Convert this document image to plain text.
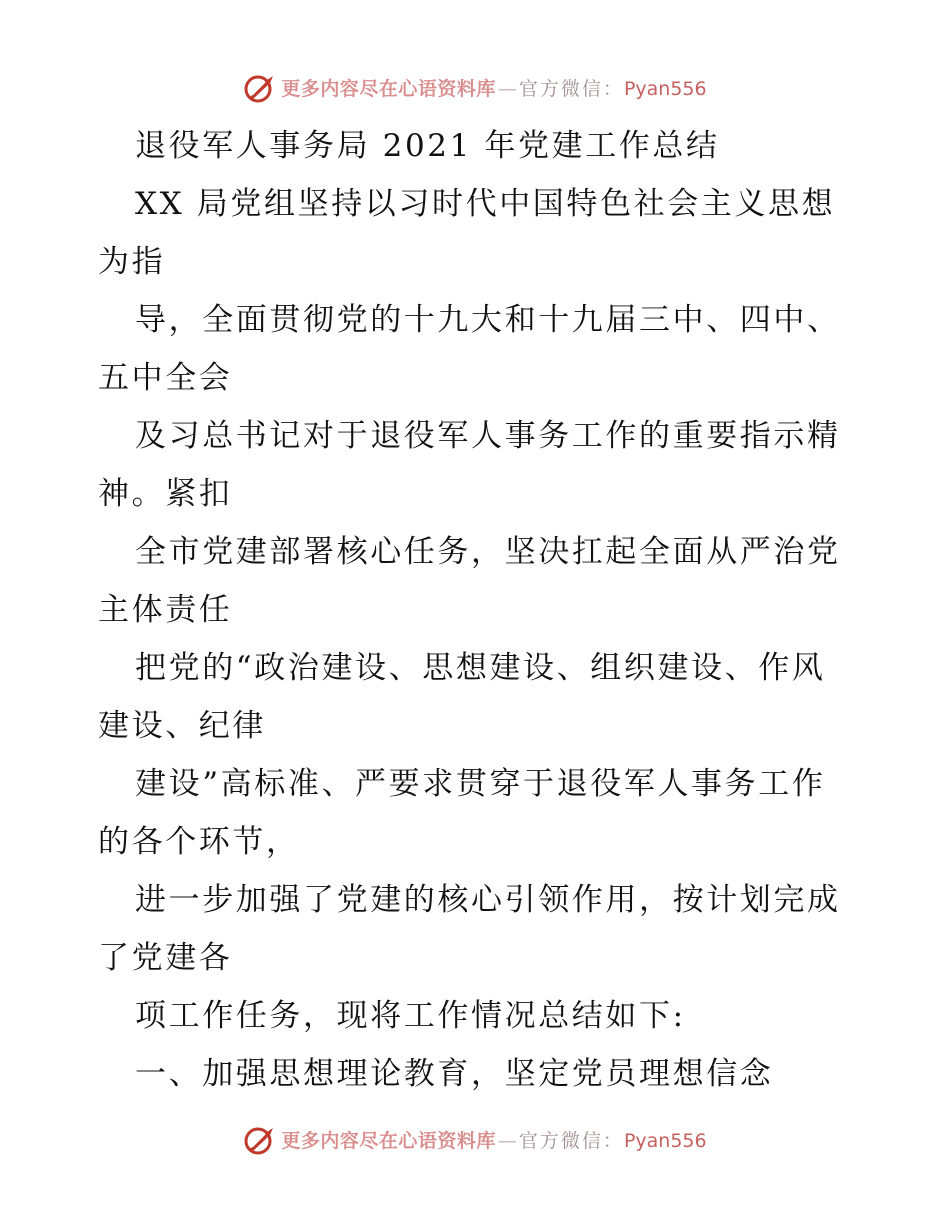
更多内容尽在心语资料库 — 官方微信： Pyan556
退役军人事务局 2021 年党建工作总结
XX 局党组坚持以习时代中国特色社会主义思想
为指
导，全面贯彻党的十九大和十九届三中、四中、
五中全会
及习总书记对于退役军人事务工作的重要指示精
神。紧扣
全市党建部署核心任务，坚决扛起全面从严治党
主体责任
把党的“政治建设、思想建设、组织建设、作风
建设、纪律
建设”高标准、严要求贯穿于退役军人事务工作
的各个环节，
进一步加强了党建的核心引领作用，按计划完成
了党建各
项工作任务，现将工作情况总结如下:
一、加强思想理论教育，坚定党员理想信念
更多内容尽在心语资料库 — 官方微信： Pyan556
